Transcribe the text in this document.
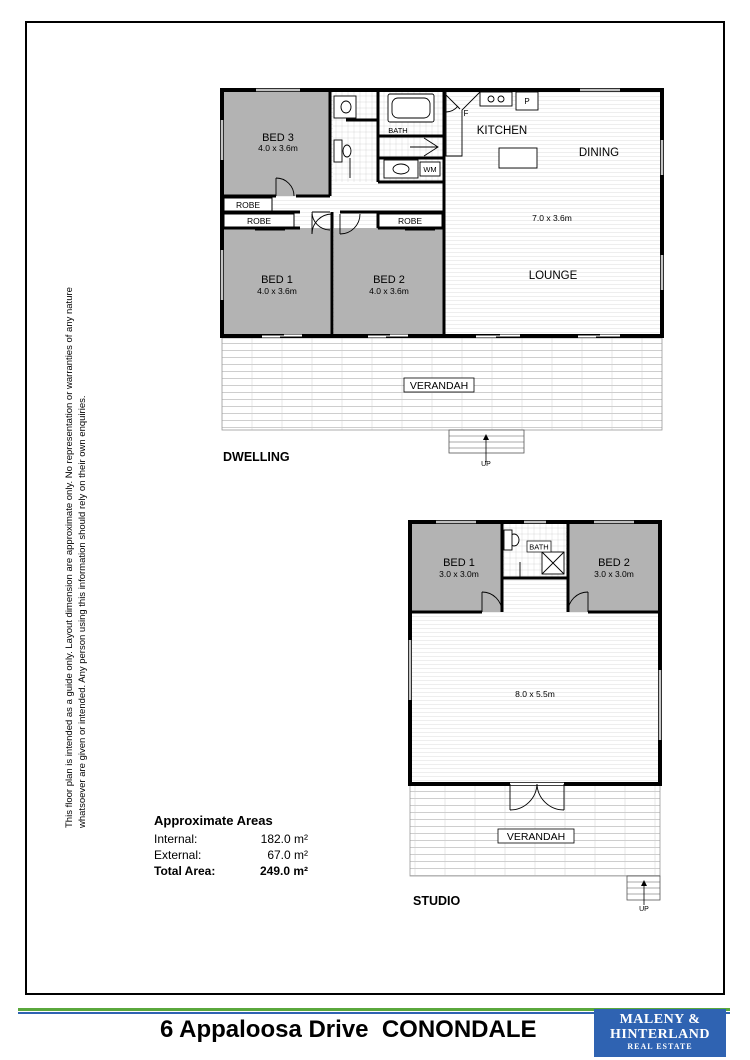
BED 3
4.0 x 3.6m
ROBE
ROBE	ROBE
BED 1
4.0 x 3.6m
BED 2
4.0 x 3.6m
BATH
WM
F
P
KITCHEN
DINING
7.0 x 3.6m
LOUNGE
VERANDAH
UP
DWELLING
BED 1
3.0 x 3.0m
BED 2
3.0 x 3.0m
BATH
8.0 x 5.5m
VERANDAH
UP
STUDIO
Approximate Areas
Internal:	182.0 m²
External:	67.0 m²
Total Area:	249.0 m²
This floor plan is intended as a guide only. Layout dimension are approximate only. No representation or warranties of any nature whatsoever are given or intended. Any person using this information should rely on their own enquiries.
6 Appaloosa Drive  CONONDALE	MALENY &
HINTERLAND
REAL ESTATE
